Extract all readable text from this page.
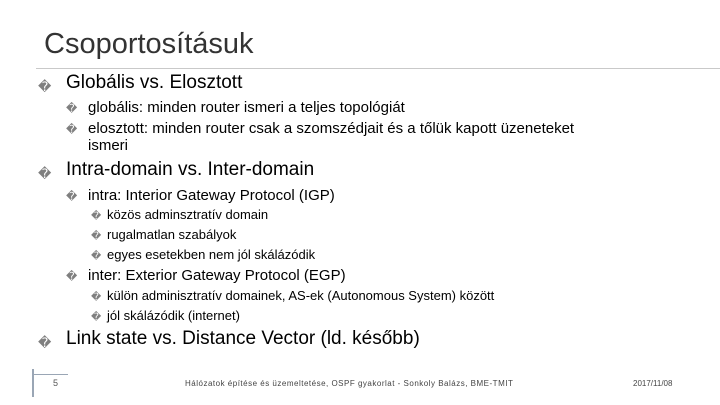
Csoportosításuk
� Globális vs. Elosztott
� globális: minden router ismeri a teljes topológiát
� elosztott: minden router csak a szomszédjait és a tőlük kapott üzeneteket
ismeri
� Intra-domain vs. Inter-domain
� intra: Interior Gateway Protocol (IGP)
� közös adminsztratív domain
� rugalmatlan szabályok
� egyes esetekben nem jól skálázódik
� inter: Exterior Gateway Protocol (EGP)
� külön adminisztratív domainek, AS-ek (Autonomous System) között
� jól skálázódik (internet)
� Link state vs. Distance Vector (ld. később)
5	Hálózatok építése és üzemeltetése, OSPF gyakorlat - Sonkoly Balázs, BME-TMIT	2017/11/08
